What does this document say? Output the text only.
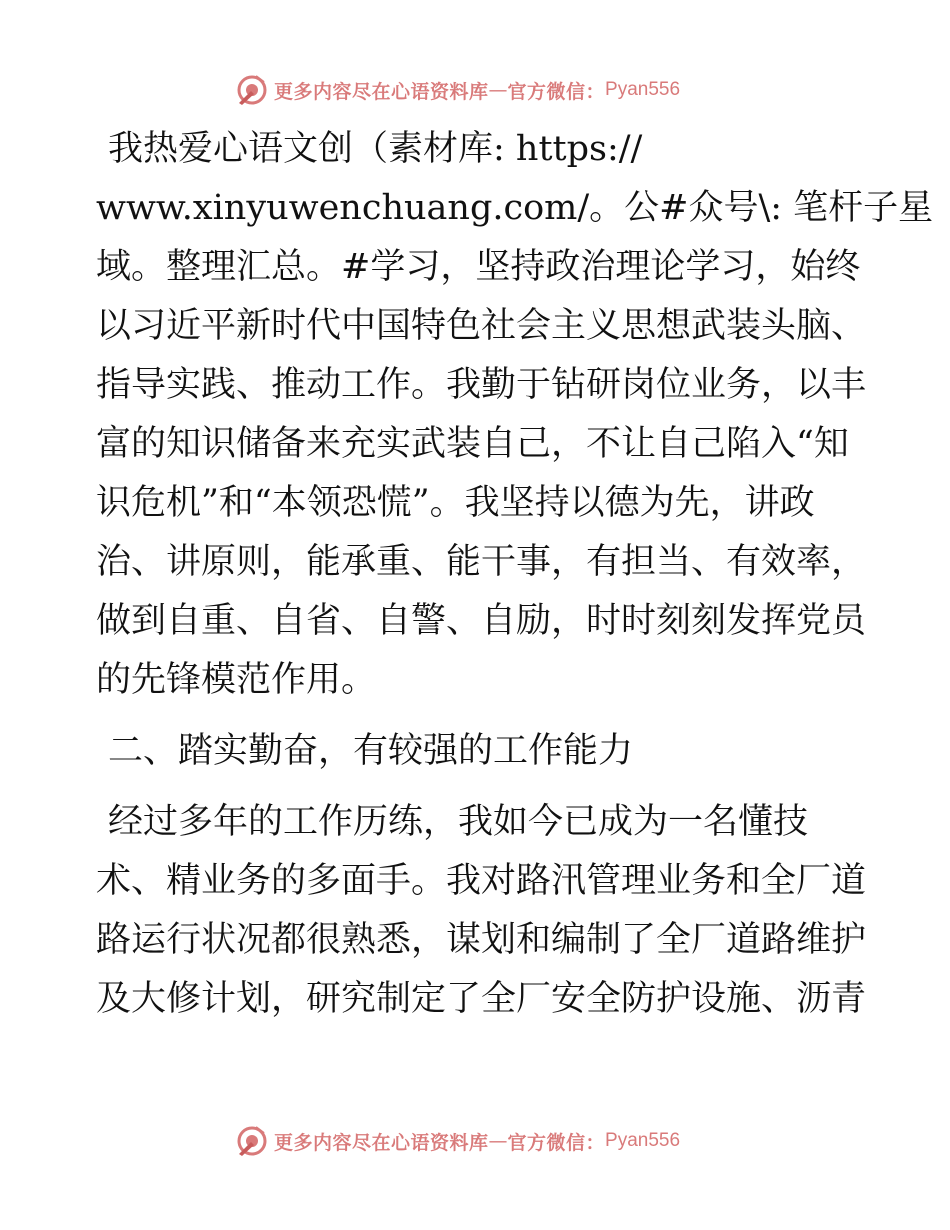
更多内容尽在心语资料库 — 官方微信： Pyan556
我热爱心语文创（素材库: https://
www.xinyuwenchuang.com/。公#众号\: 笔杆子星
域。整理汇总。#学习，坚持政治理论学习，始终
以习近平新时代中国特色社会主义思想武装头脑、
指导实践、推动工作。我勤于钻研岗位业务，以丰
富的知识储备来充实武装自己，不让自己陷入“知
识危机”和“本领恐慌”。我坚持以德为先，讲政
治、讲原则，能承重、能干事，有担当、有效率，
做到自重、自省、自警、自励，时时刻刻发挥党员
的先锋模范作用。
二、踏实勤奋，有较强的工作能力
经过多年的工作历练，我如今已成为一名懂技
术、精业务的多面手。我对路汛管理业务和全厂道
路运行状况都很熟悉，谋划和编制了全厂道路维护
及大修计划，研究制定了全厂安全防护设施、沥青
更多内容尽在心语资料库 — 官方微信： Pyan556
